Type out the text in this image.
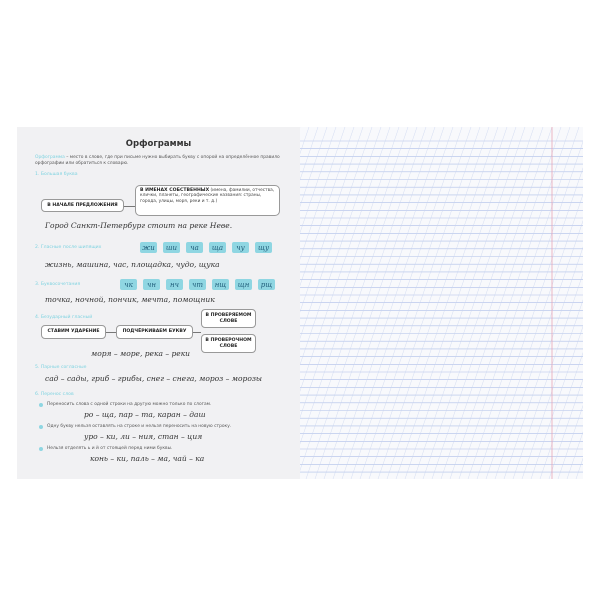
Орфограммы
Орфограмма – место в слове, где при письме нужно выбирать букву с опорой на определённое правило орфографии или обратиться к словарю.
1. Большая буква
В НАЧАЛЕ ПРЕДЛОЖЕНИЯ
В ИМЕНАХ СОБСТВЕННЫХ (имена, фамилии, отчества, клички, планеты, географические названия: страны, города, улицы, моря, реки и т. д.)
Город Санкт-Петербург стоит на реке Неве.
2. Гласные после шипящих	жи	ши	ча	ща	чу	щу
жизнь, машина, час, площадка, чудо, щука
3. Буквосочетания	чк	чн	нч	чт	нщ	щн	рщ
точка, ночной, пончик, мечта, помощник
4. Безударный гласный
СТАВИМ УДАРЕНИЕ	ПОДЧЁРКИВАЕМ БУКВУ
В ПРОВЕРЯЕМОМ СЛОВЕ
В ПРОВЕРОЧНОМ СЛОВЕ
моря – море, река – реки
5. Парные согласные
сад – сады, гриб – грибы, снег – снега, мороз – морозы
6. Перенос слов
Переносить слова с одной строки на другую можно только по слогам.
ро – ща, пар – та, каран – даш
Одну букву нельзя оставлять на строке и нельзя переносить на новую строку.
уро – ки, ли – ния, стан – ция
Нельзя отделять ь и й от стоящей перед ними буквы.
конь – ки, паль – ма, чай – ка
